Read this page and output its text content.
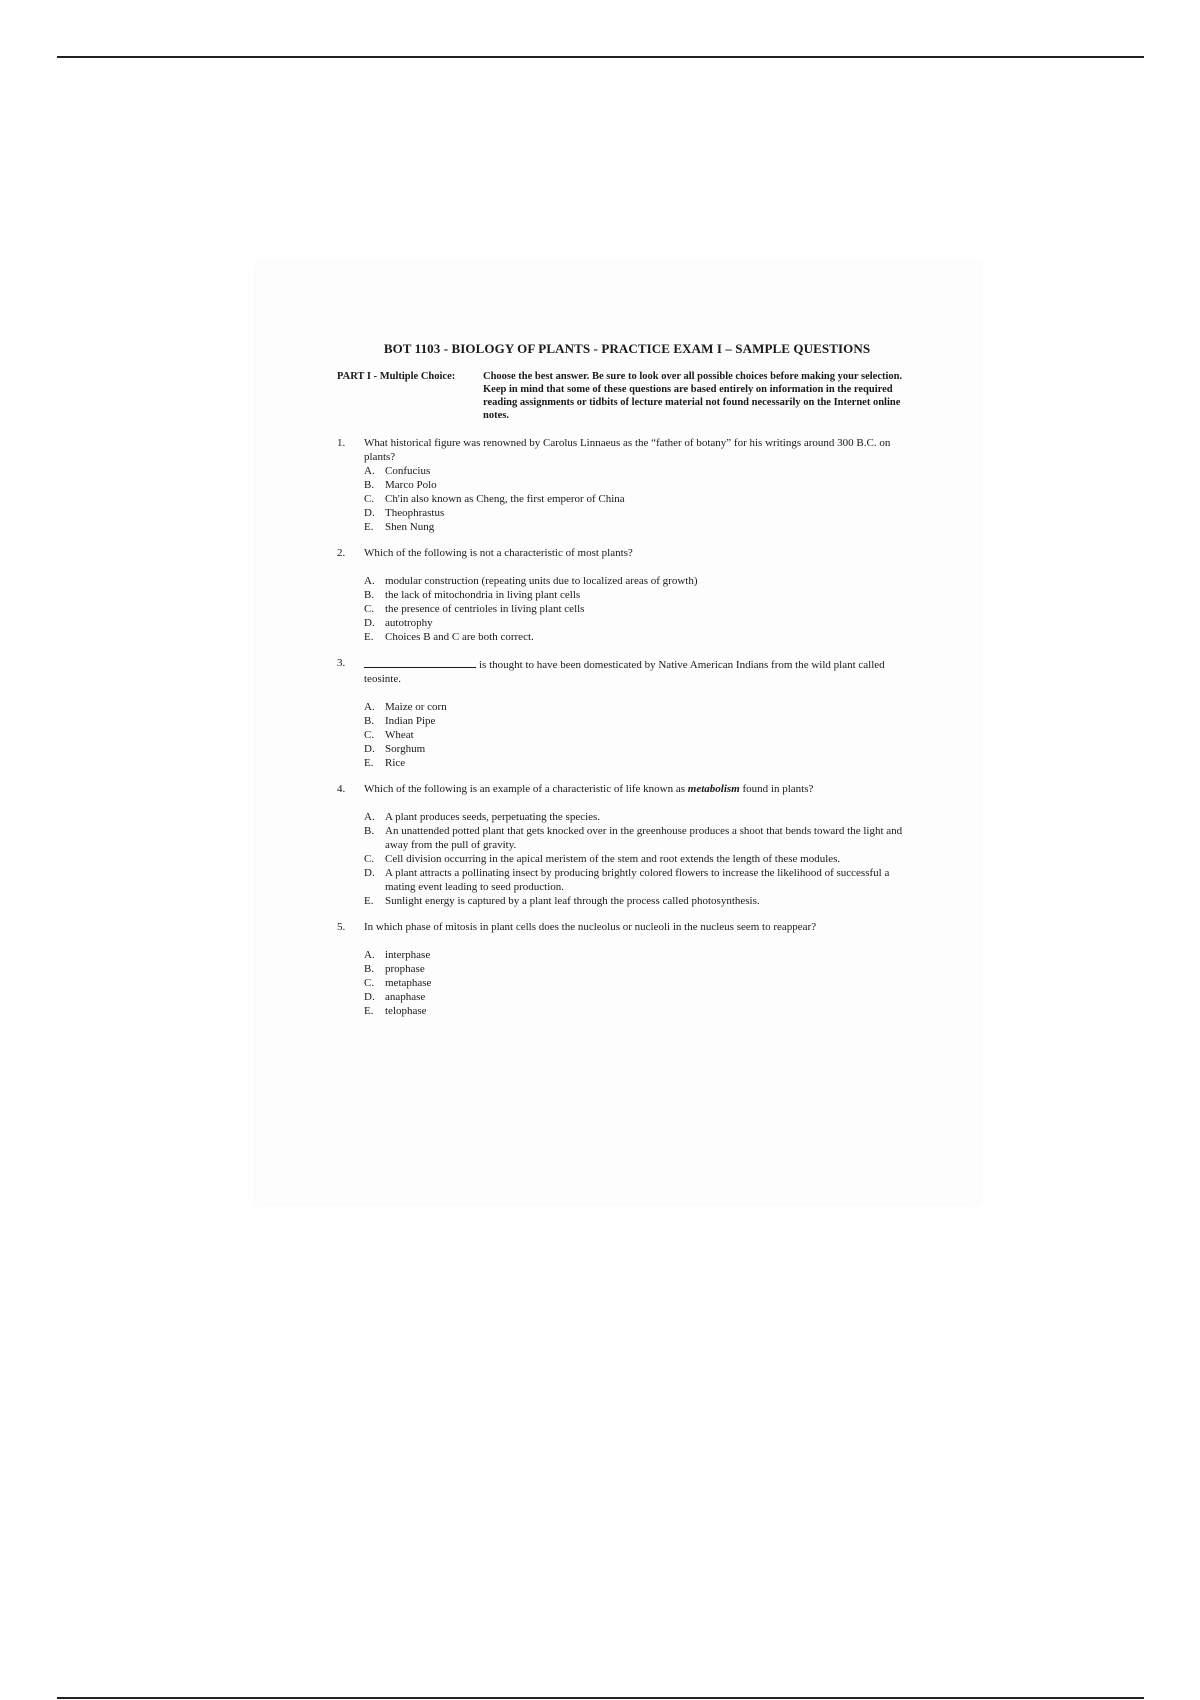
BOT 1103 - BIOLOGY OF PLANTS - PRACTICE EXAM I – SAMPLE QUESTIONS
PART I - Multiple Choice:	Choose the best answer. Be sure to look over all possible choices before making your selection. Keep in mind that some of these questions are based entirely on information in the required reading assignments or tidbits of lecture material not found necessarily on the Internet online notes.
1.	What historical figure was renowned by Carolus Linnaeus as the “father of botany” for his writings around 300 B.C. on plants?
A. Confucius
B. Marco Polo
C. Ch'in also known as Cheng, the first emperor of China
D. Theophrastus
E.	Shen Nung
2.	Which of the following is not a characteristic of most plants?
A. modular construction (repeating units due to localized areas of growth)
B. the lack of mitochondria in living plant cells
C. the presence of centrioles in living plant cells
D. autotrophy
E.	Choices B and C are both correct.
3.	is thought to have been domesticated by Native American Indians from the wild plant called teosinte.
A. Maize or corn
B. Indian Pipe
C. Wheat
D. Sorghum
E.	Rice
4.	Which of the following is an example of a characteristic of life known as metabolism found in plants?
A. A plant produces seeds, perpetuating the species.
B. An unattended potted plant that gets knocked over in the greenhouse produces a shoot that bends toward the light and away from the pull of gravity.
C. Cell division occurring in the apical meristem of the stem and root extends the length of these modules.
D. A plant attracts a pollinating insect by producing brightly colored flowers to increase the likelihood of successful a mating event leading to seed production.
E.	Sunlight energy is captured by a plant leaf through the process called photosynthesis.
5.	In which phase of mitosis in plant cells does the nucleolus or nucleoli in the nucleus seem to reappear?
A. interphase
B. prophase
C. metaphase
D. anaphase
E.	telophase
